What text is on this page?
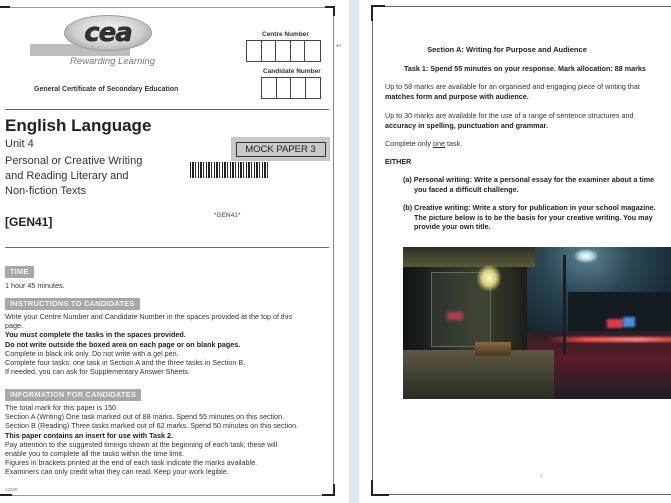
cea
Rewarding Learning
General Certificate of Secondary Education
Centre Number
Candidate Number
English Language
Unit 4
Personal or Creative Writing
and Reading Literary and
Non-fiction Texts
[GEN41]
MOCK PAPER 3
*GEN41*
TIME

1 hour 45 minutes.

INSTRUCTIONS TO CANDIDATES

Write your Centre Number and Candidate Number in the spaces provided at the top of this

page.

You must complete the tasks in the spaces provided.

Do not write outside the boxed area on each page or on blank pages.

Complete in black ink only. Do not write with a gel pen.

Complete four tasks: one task in Section A and the three tasks in Section B.

If needed, you can ask for Supplementary Answer Sheets.

INFORMATION FOR CANDIDATES

The total mark for this paper is 150.

Section A (Writing) One task marked out of 88 marks. Spend 55 minutes on this section.

Section B (Reading) Three tasks marked out of 62 marks. Spend 50 minutes on this section.

This paper contains an insert for use with Task 2.

Pay attention to the suggested timings shown at the beginning of each task; these will

enable you to complete all the tasks within the time limit.

Figures in brackets printed at the end of each task indicate the marks available.

Examiners can only credit what they can read. Keep your work legible.

14200
↵	Section A: Writing for Purpose and Audience
Task 1: Spend 55 minutes on your response. Mark allocation: 88 marks
Up to 58 marks are available for an organised and engaging piece of writing that
matches form and purpose with audience.
Up to 30 marks are available for the use of a range of sentence structures and
accuracy in spelling, punctuation and grammar.
Complete only one task.
EITHER
(a) Personal writing: Write a personal essay for the examiner about a time
you faced a difficult challenge.
(b) Creative writing: Write a story for publication in your school magazine.
The picture below is to be the basis for your creative writing. You may
provide your own title.
2
